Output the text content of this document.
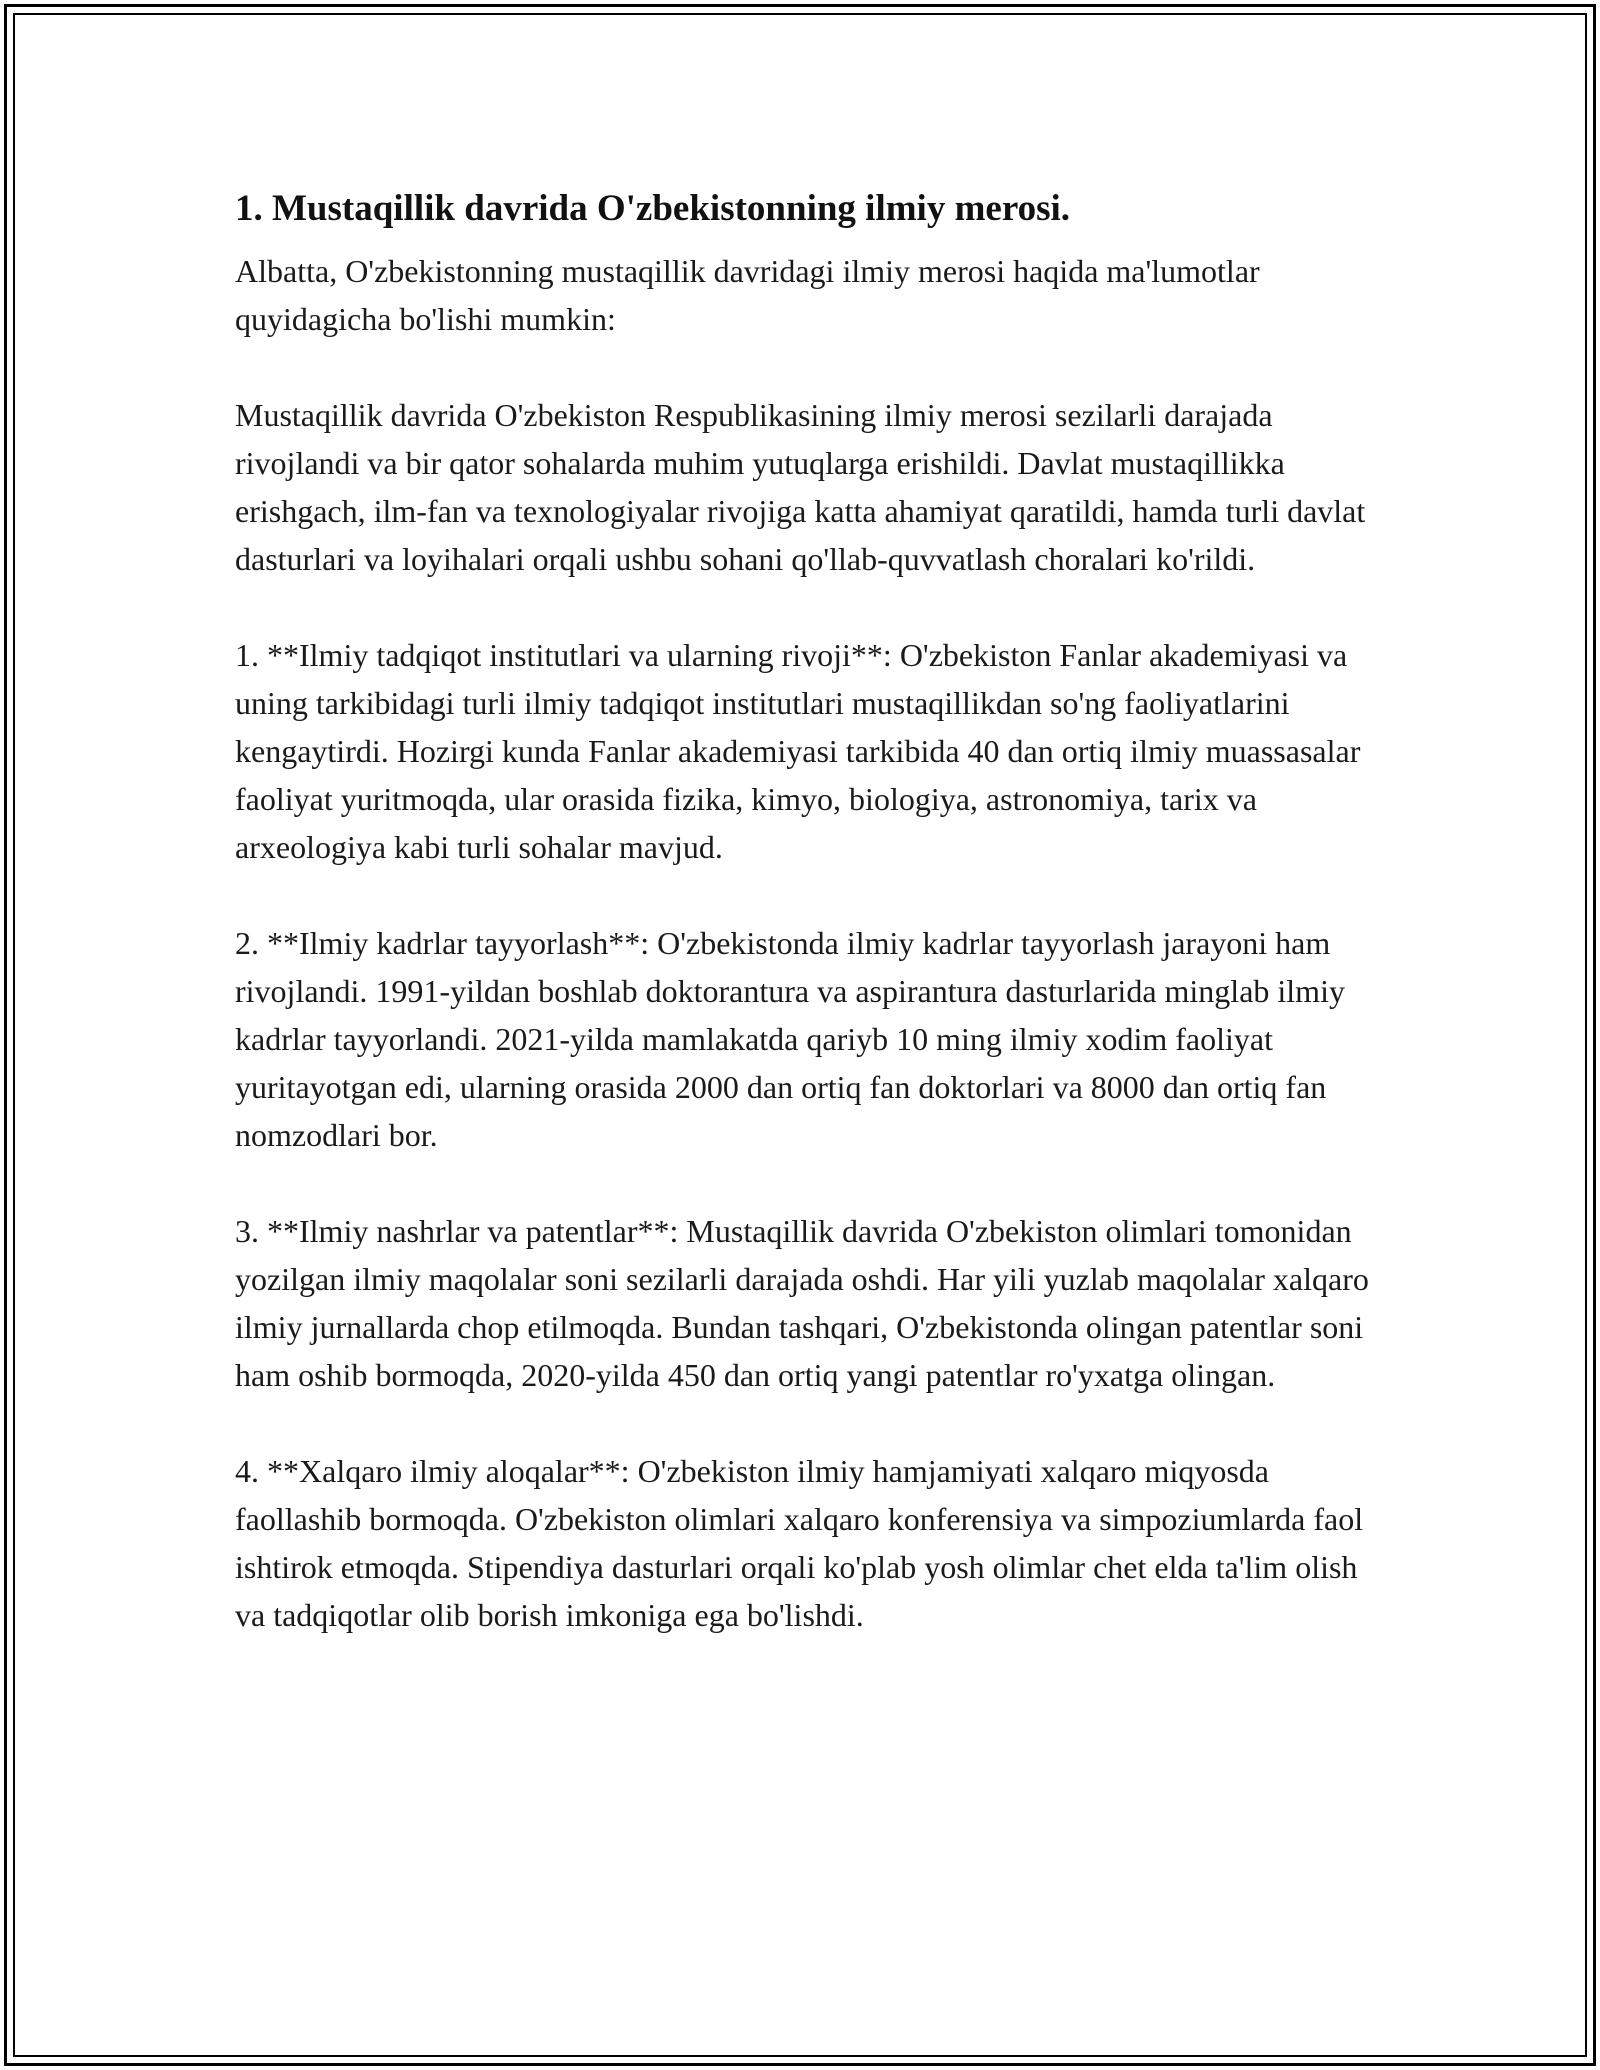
1. Mustaqillik davrida O'zbekistonning ilmiy merosi.

Albatta, O'zbekistonning mustaqillik davridagi ilmiy merosi haqida ma'lumotlar quyidagicha bo'lishi mumkin:

Mustaqillik davrida O'zbekiston Respublikasining ilmiy merosi sezilarli darajada rivojlandi va bir qator sohalarda muhim yutuqlarga erishildi. Davlat mustaqillikka erishgach, ilm-fan va texnologiyalar rivojiga katta ahamiyat qaratildi, hamda turli davlat dasturlari va loyihalari orqali ushbu sohani qo'llab-quvvatlash choralari ko'rildi.

1. **Ilmiy tadqiqot institutlari va ularning rivoji**: O'zbekiston Fanlar akademiyasi va uning tarkibidagi turli ilmiy tadqiqot institutlari mustaqillikdan so'ng faoliyatlarini kengaytirdi. Hozirgi kunda Fanlar akademiyasi tarkibida 40 dan ortiq ilmiy muassasalar faoliyat yuritmoqda, ular orasida fizika, kimyo, biologiya, astronomiya, tarix va arxeologiya kabi turli sohalar mavjud.

2. **Ilmiy kadrlar tayyorlash**: O'zbekistonda ilmiy kadrlar tayyorlash jarayoni ham rivojlandi. 1991-yildan boshlab doktorantura va aspirantura dasturlarida minglab ilmiy kadrlar tayyorlandi. 2021-yilda mamlakatda qariyb 10 ming ilmiy xodim faoliyat yuritayotgan edi, ularning orasida 2000 dan ortiq fan doktorlari va 8000 dan ortiq fan nomzodlari bor.

3. **Ilmiy nashrlar va patentlar**: Mustaqillik davrida O'zbekiston olimlari tomonidan yozilgan ilmiy maqolalar soni sezilarli darajada oshdi. Har yili yuzlab maqolalar xalqaro ilmiy jurnallarda chop etilmoqda. Bundan tashqari, O'zbekistonda olingan patentlar soni ham oshib bormoqda, 2020-yilda 450 dan ortiq yangi patentlar ro'yxatga olingan.

4. **Xalqaro ilmiy aloqalar**: O'zbekiston ilmiy hamjamiyati xalqaro miqyosda faollashib bormoqda. O'zbekiston olimlari xalqaro konferensiya va simpoziumlarda faol ishtirok etmoqda. Stipendiya dasturlari orqali ko'plab yosh olimlar chet elda ta'lim olish va tadqiqotlar olib borish imkoniga ega bo'lishdi.
